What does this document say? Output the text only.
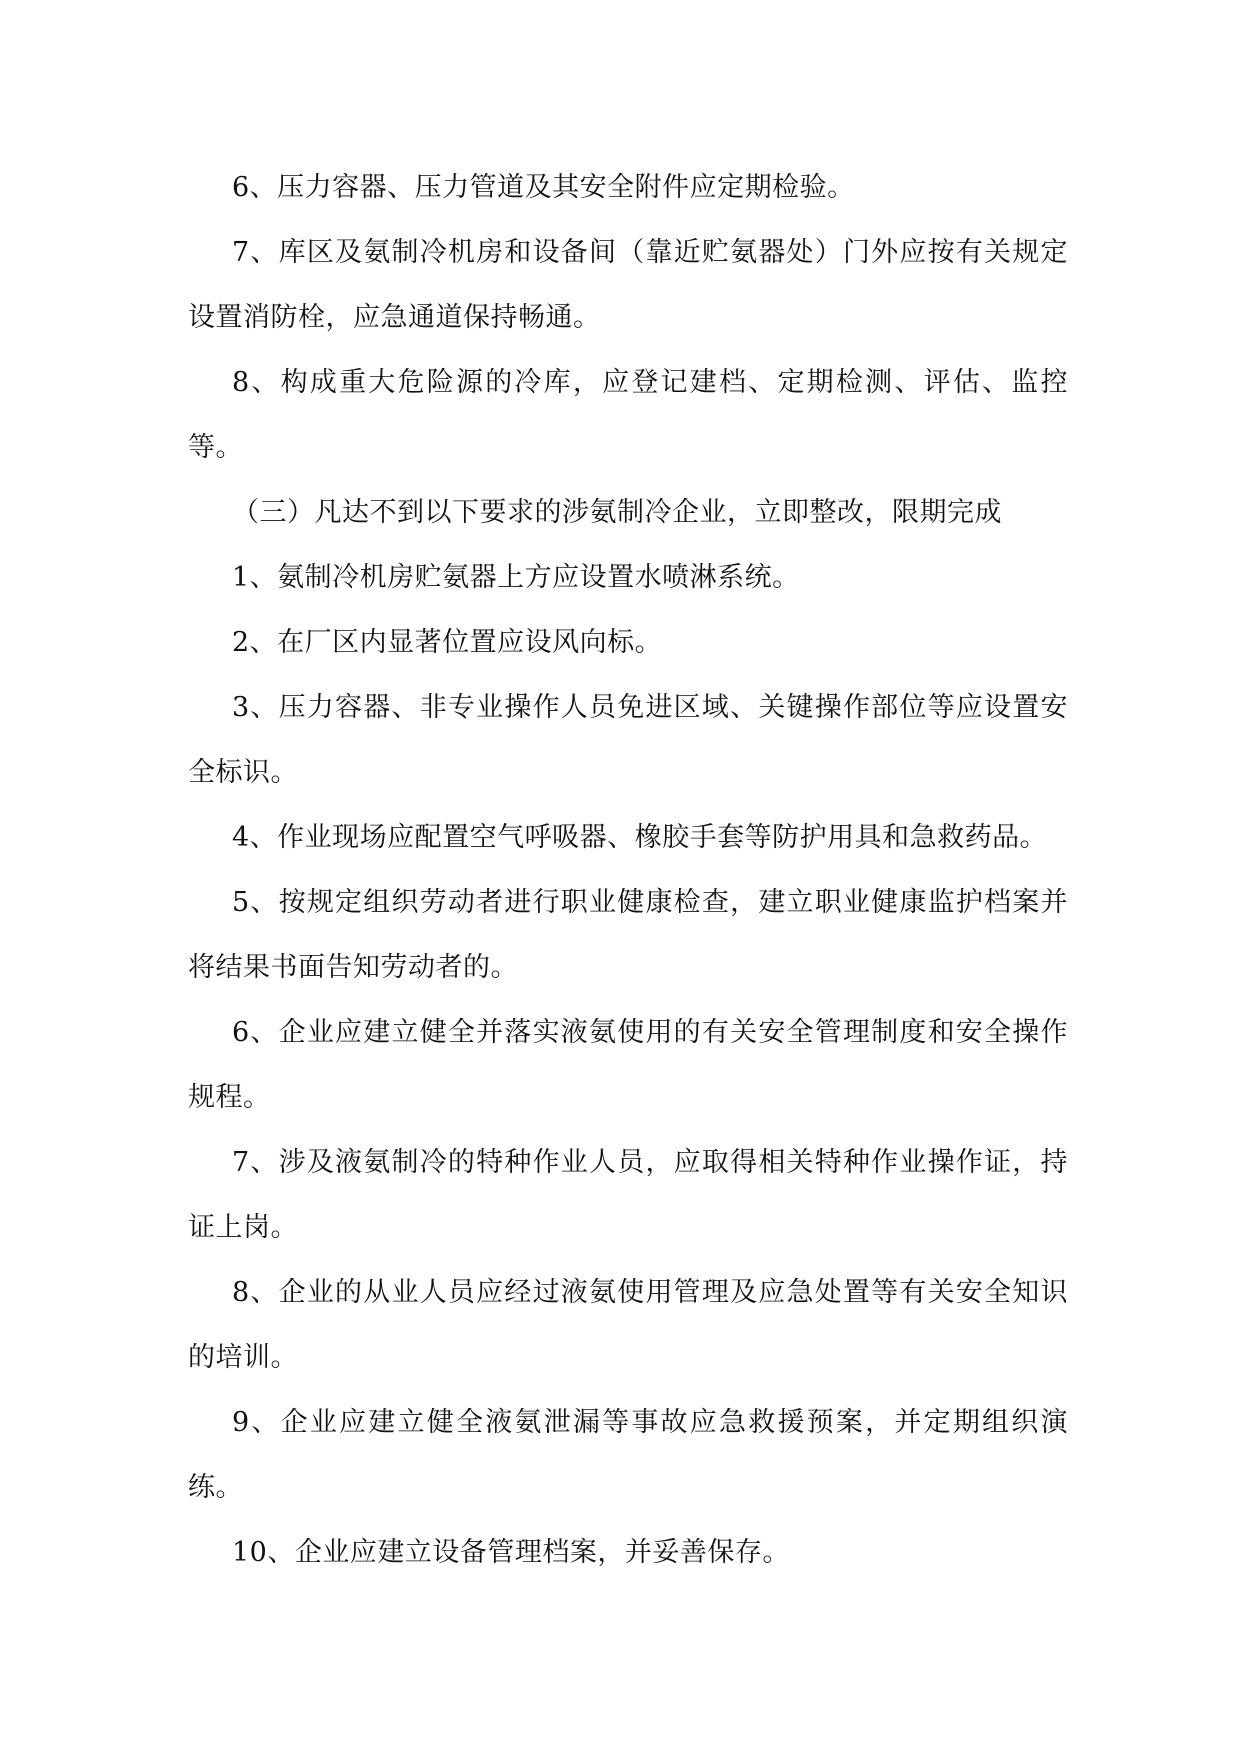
6、压力容器、压力管道及其安全附件应定期检验。

7、库区及氨制冷机房和设备间（靠近贮氨器处）门外应按有关规定设置消防栓，应急通道保持畅通。

8、构成重大危险源的冷库，应登记建档、定期检测、评估、监控等。

（三）凡达不到以下要求的涉氨制冷企业，立即整改，限期完成

1、氨制冷机房贮氨器上方应设置水喷淋系统。

2、在厂区内显著位置应设风向标。

3、压力容器、非专业操作人员免进区域、关键操作部位等应设置安全标识。

4、作业现场应配置空气呼吸器、橡胶手套等防护用具和急救药品。

5、按规定组织劳动者进行职业健康检查，建立职业健康监护档案并将结果书面告知劳动者的。

6、企业应建立健全并落实液氨使用的有关安全管理制度和安全操作规程。

7、涉及液氨制冷的特种作业人员，应取得相关特种作业操作证，持证上岗。

8、企业的从业人员应经过液氨使用管理及应急处置等有关安全知识的培训。

9、企业应建立健全液氨泄漏等事故应急救援预案，并定期组织演练。

10、企业应建立设备管理档案，并妥善保存。
